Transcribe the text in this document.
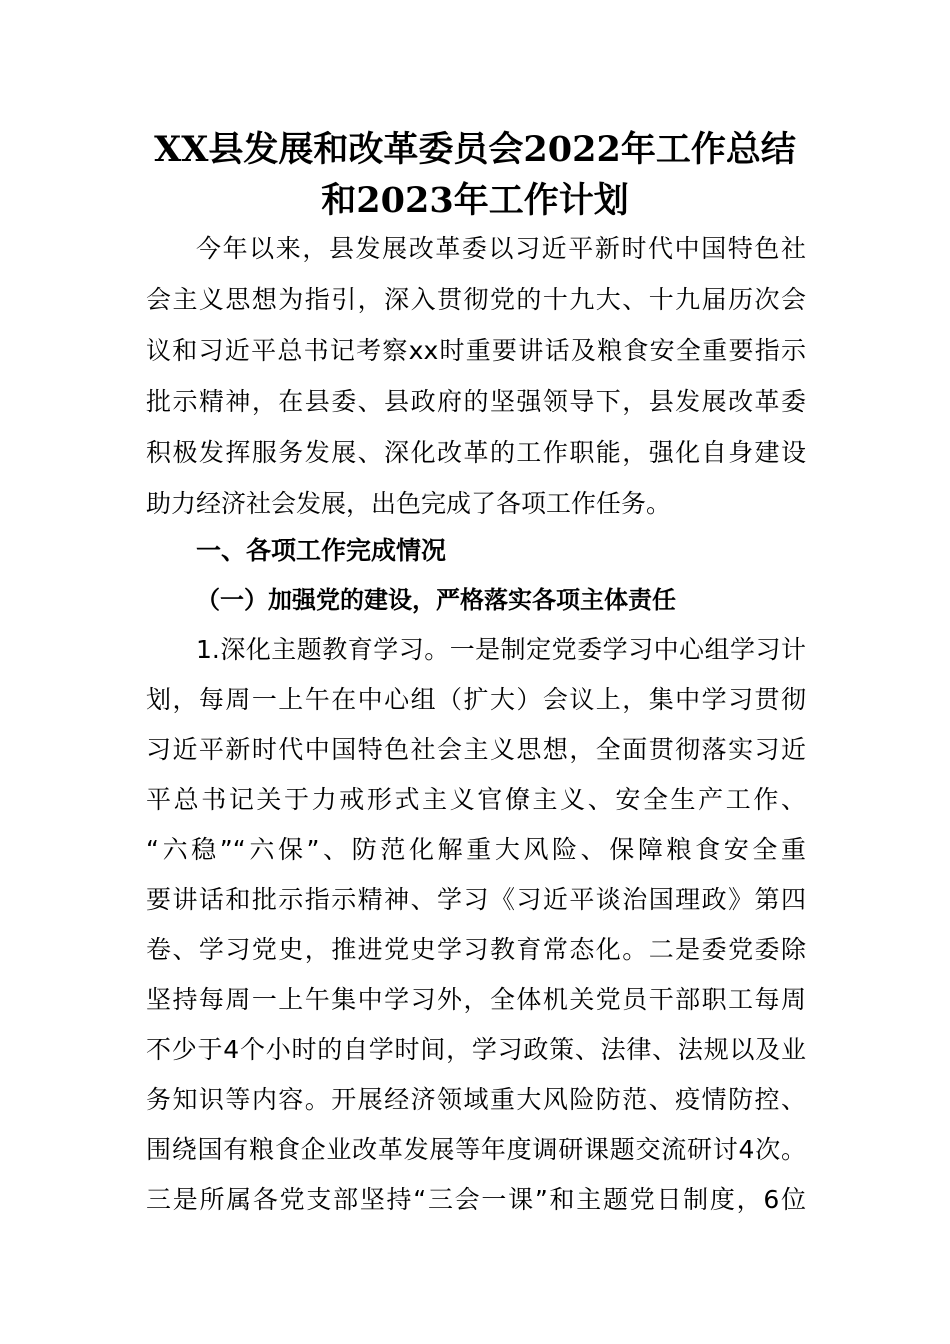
XX县发展和改革委员会2022年工作总结
和2023年工作计划
今年以来，县发展改革委以习近平新时代中国特色社
会主义思想为指引，深入贯彻党的十九大、十九届历次会
议和习近平总书记考察xx时重要讲话及粮食安全重要指示
批示精神，在县委、县政府的坚强领导下，县发展改革委
积极发挥服务发展、深化改革的工作职能，强化自身建设
助力经济社会发展，出色完成了各项工作任务。
一、各项工作完成情况
（一）加强党的建设，严格落实各项主体责任
1.深化主题教育学习。一是制定党委学习中心组学习计
划，每周一上午在中心组（扩大）会议上，集中学习贯彻
习近平新时代中国特色社会主义思想，全面贯彻落实习近
平总书记关于力戒形式主义官僚主义、安全生产工作、
“六稳”“六保”、防范化解重大风险、保障粮食安全重
要讲话和批示指示精神、学习《习近平谈治国理政》第四
卷、学习党史，推进党史学习教育常态化。二是委党委除
坚持每周一上午集中学习外，全体机关党员干部职工每周
不少于4个小时的自学时间，学习政策、法律、法规以及业
务知识等内容。开展经济领域重大风险防范、疫情防控、
围绕国有粮食企业改革发展等年度调研课题交流研讨4次。
三是所属各党支部坚持“三会一课”和主题党日制度，6位
